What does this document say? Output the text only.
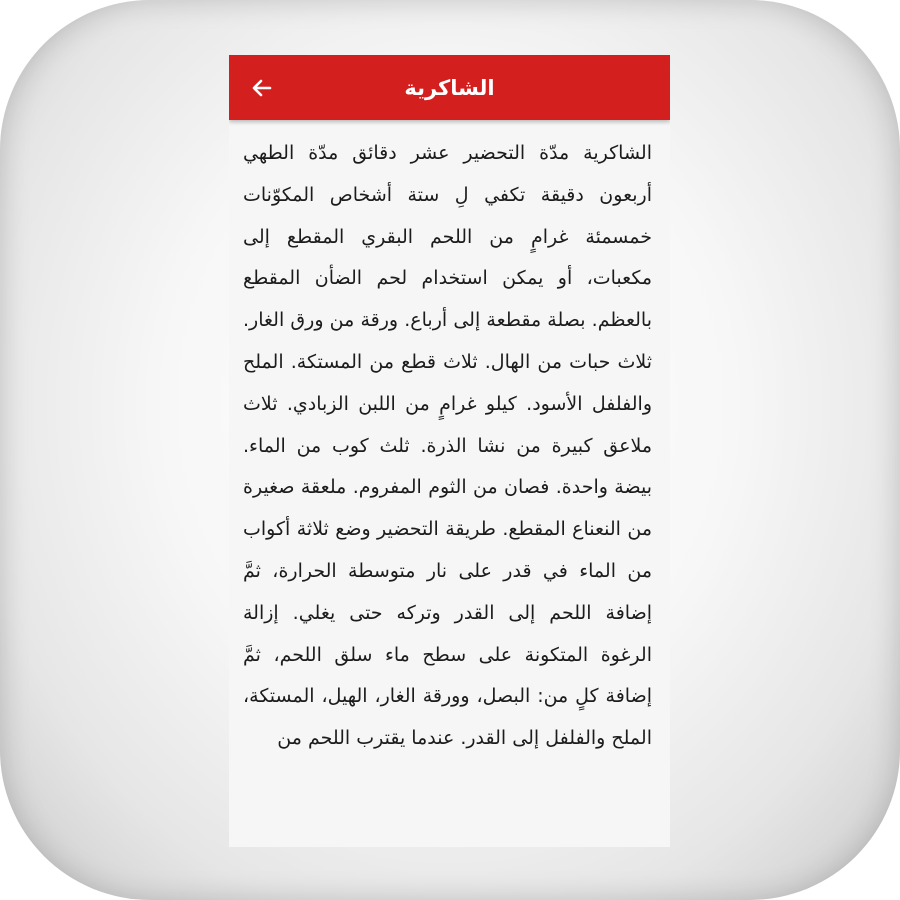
الشاكرية

الشاكرية مدّة التحضير عشر دقائق مدّة الطهي أربعون دقيقة تكفي لِ ستة أشخاص المكوّنات خمسمئة غرامٍ من اللحم البقري المقطع إلى مكعبات، أو يمكن استخدام لحم الضأن المقطع بالعظم. بصلة مقطعة إلى أرباع. ورقة من ورق الغار. ثلاث حبات من الهال. ثلاث قطع من المستكة. الملح والفلفل الأسود. كيلو غرامٍ من اللبن الزبادي. ثلاث ملاعق كبيرة من نشا الذرة. ثلث كوب من الماء. بيضة واحدة. فصان من الثوم المفروم. ملعقة صغيرة من النعناع المقطع. طريقة التحضير وضع ثلاثة أكواب من الماء في قدر على نار متوسطة الحرارة، ثمَّ إضافة اللحم إلى القدر وتركه حتى يغلي. إزالة الرغوة المتكونة على سطح ماء سلق اللحم، ثمَّ إضافة كلٍ من: البصل، وورقة الغار، الهيل، المستكة، الملح والفلفل إلى القدر. عندما يقترب اللحم من
